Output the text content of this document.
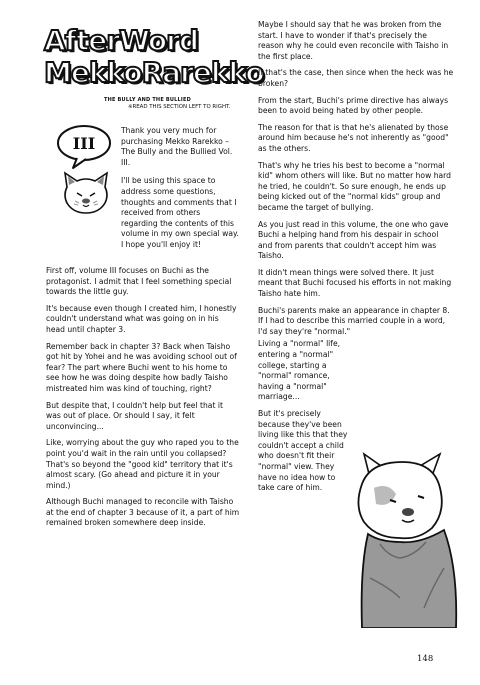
AfterWord
MekkoRarekko
THE BULLY AND THE BULLIED
※READ THIS SECTION LEFT TO RIGHT.
III

Thank you very much for purchasing Mekko Rarekko – The Bully and the Bullied Vol. III.

I'll be using this space to address some questions, thoughts and comments that I received from others regarding the contents of this volume in my own special way. I hope you'll enjoy it!

First off, volume III focuses on Buchi as the protagonist. I admit that I feel something special towards the little guy.

It's because even though I created him, I honestly couldn't understand what was going on in his head until chapter 3.

Remember back in chapter 3? Back when Taisho got hit by Yohei and he was avoiding school out of fear? The part where Buchi went to his home to see how he was doing despite how badly Taisho mistreated him was kind of touching, right?

But despite that, I couldn't help but feel that it was out of place. Or should I say, it felt unconvincing...

Like, worrying about the guy who raped you to the point you'd wait in the rain until you collapsed? That's so beyond the "good kid" territory that it's almost scary. (Go ahead and picture it in your mind.)

Although Buchi managed to reconcile with Taisho at the end of chapter 3 because of it, a part of him remained broken somewhere deep inside.

Maybe I should say that he was broken from the start. I have to wonder if that's precisely the reason why he could even reconcile with Taisho in the first place.

If that's the case, then since when the heck was he broken?

From the start, Buchi's prime directive has always been to avoid being hated by other people.

The reason for that is that he's alienated by those around him because he's not inherently as "good" as the others.

That's why he tries his best to become a "normal kid" whom others will like. But no matter how hard he tried, he couldn't. So sure enough, he ends up being kicked out of the "normal kids" group and became the target of bullying.

As you just read in this volume, the one who gave Buchi a helping hand from his despair in school and from parents that couldn't accept him was Taisho.

It didn't mean things were solved there. It just meant that Buchi focused his efforts in not making Taisho hate him.

Buchi's parents make an appearance in chapter 8. If I had to describe this married couple in a word, I'd say they're "normal."

Living a "normal" life, entering a "normal" college, starting a "normal" romance, having a "normal" marriage...

But it's precisely because they've been living like this that they couldn't accept a child who doesn't fit their "normal" view. They have no idea how to take care of him.

148
